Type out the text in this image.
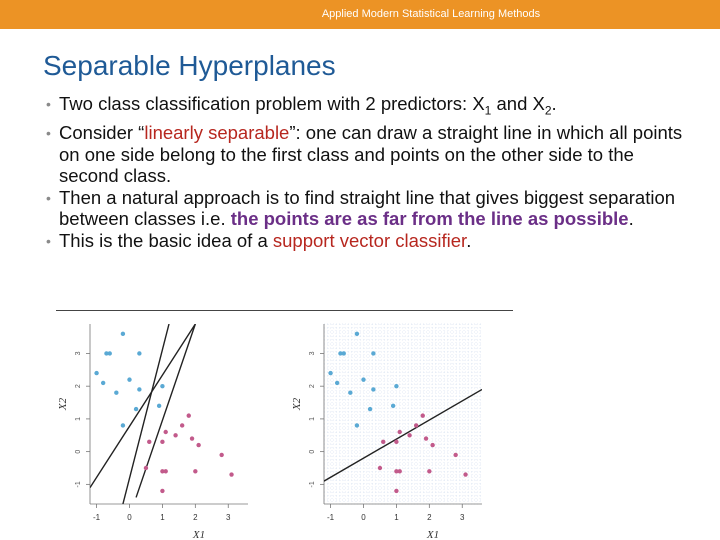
Applied Modern Statistical Learning Methods
Separable Hyperplanes
• Two class classification problem with 2 predictors: $X_1$ and $X_2$.
• Consider “linearly separable”: one can draw a straight line in which all points on one side belong to the first class and points on the other side to the second class.
• Then a natural approach is to find straight line that gives biggest separation between classes i.e. the points are as far from the line as possible.
• This is the basic idea of a support vector classifier.
-1	0	1	2	3
-1
0
1
2
3
X1
X2
-1	0	1	2	3
-1
0
1
2
3
X1
X2
